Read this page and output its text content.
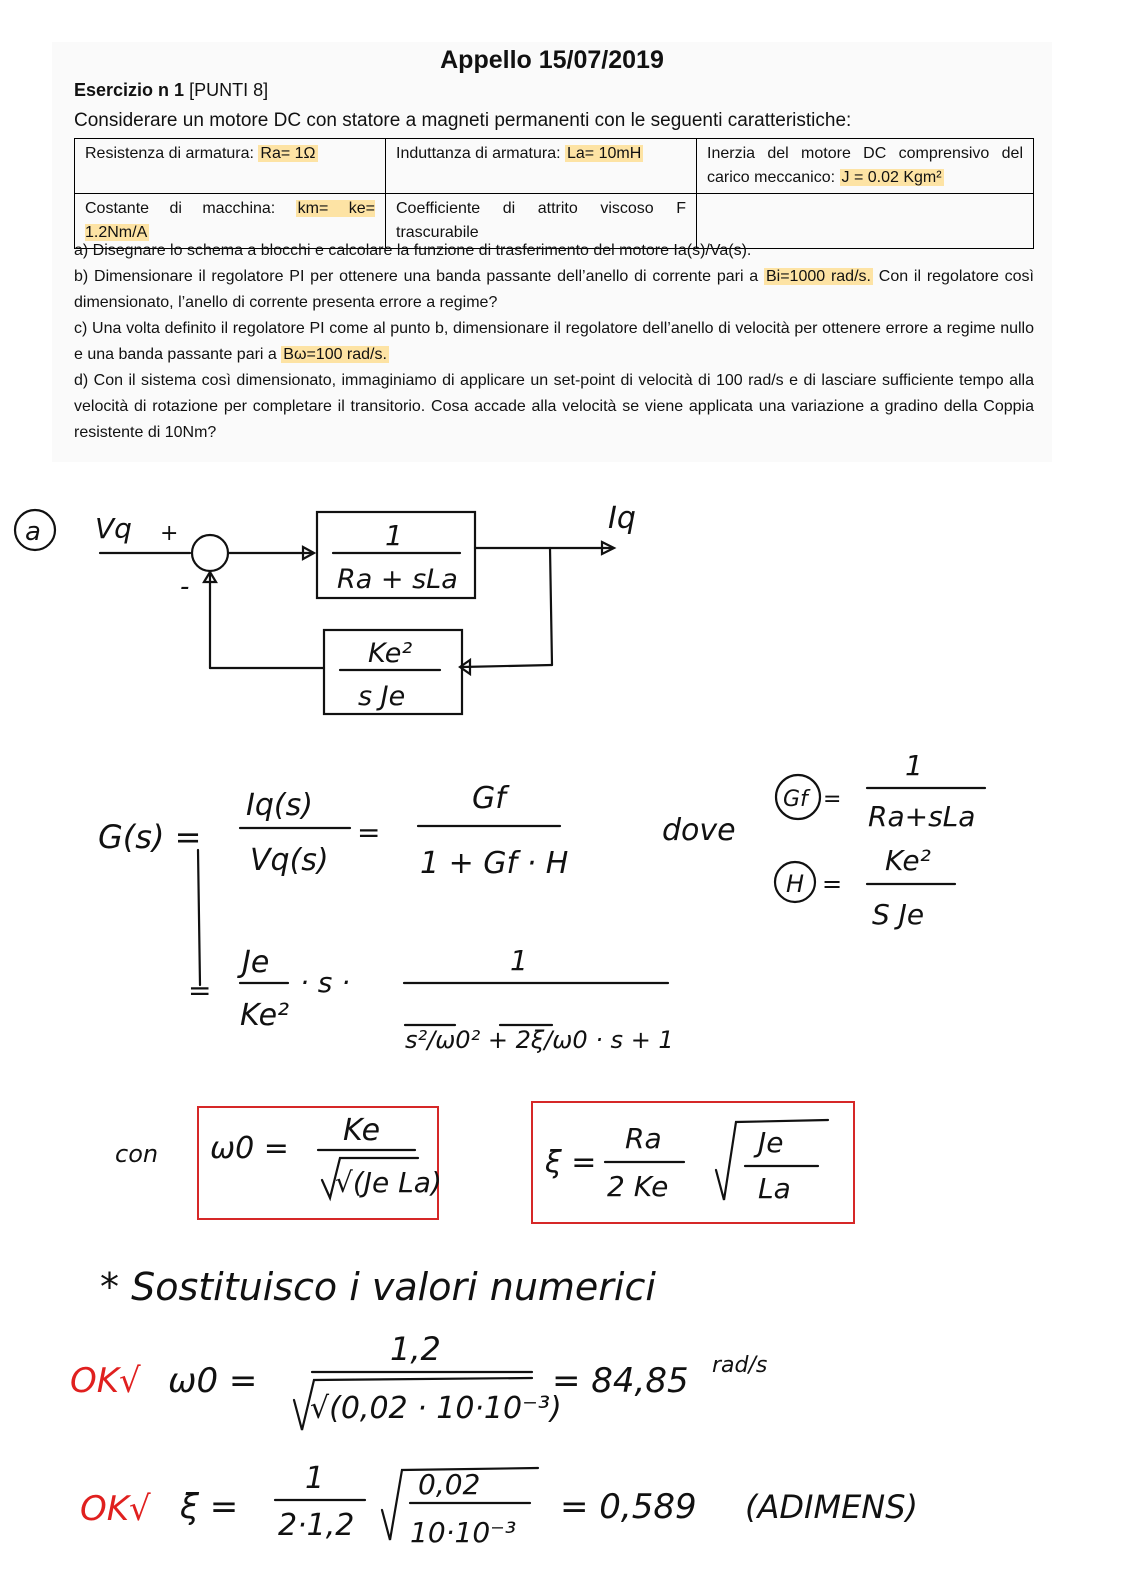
Appello 15/07/2019
Esercizio n 1 [PUNTI 8]
Considerare un motore DC con statore a magneti permanenti con le seguenti caratteristiche:
Resistenza di armatura: Ra= 1Ω	Induttanza di armatura: La= 10mH	Inerzia del motore DC comprensivo del carico meccanico: J = 0.02 Kgm²
Costante di macchina: km= ke= 1.2Nm/A	Coefficiente di attrito viscoso F trascurabile	

a) Disegnare lo schema a blocchi e calcolare la funzione di trasferimento del motore Ia(s)/Va(s).

b) Dimensionare il regolatore PI per ottenere una banda passante dell’anello di corrente pari a Bi=1000 rad/s. Con il regolatore così dimensionato, l’anello di corrente presenta errore a regime?

c) Una volta definito il regolatore PI come al punto b, dimensionare il regolatore dell’anello di velocità per ottenere errore a regime nullo e una banda passante pari a Bω=100 rad/s.

d) Con il sistema così dimensionato, immaginiamo di applicare un set-point di velocità di 100 rad/s e di lasciare sufficiente tempo alla velocità di rotazione per completare il transitorio. Cosa accade alla velocità se viene applicata una variazione a gradino della Coppia resistente di 10Nm?

a Vq +
-
Iq
1
Ra + sLa
Ke²
s Je
G(s) =
Iq(s)
Vq(s)
=
Gf
1 + Gf · H
dove
Gf =
1
Ra+sLa
H =
Ke²
S Je
=
Je
Ke²
· s ·
1
s²/ω0² + 2ξ/ω0 · s + 1
con ω0 =
Ke
√(Je La)
ξ =
Ra
2 Ke
Je
La
* Sostituisco i valori numerici
OK√ ω0 =
1,2
√(0,02 · 10·10⁻³)
= 84,85 rad/s
OK√ ξ =
1
2·1,2
0,02
10·10⁻³
= 0,589 (ADIMENS)
